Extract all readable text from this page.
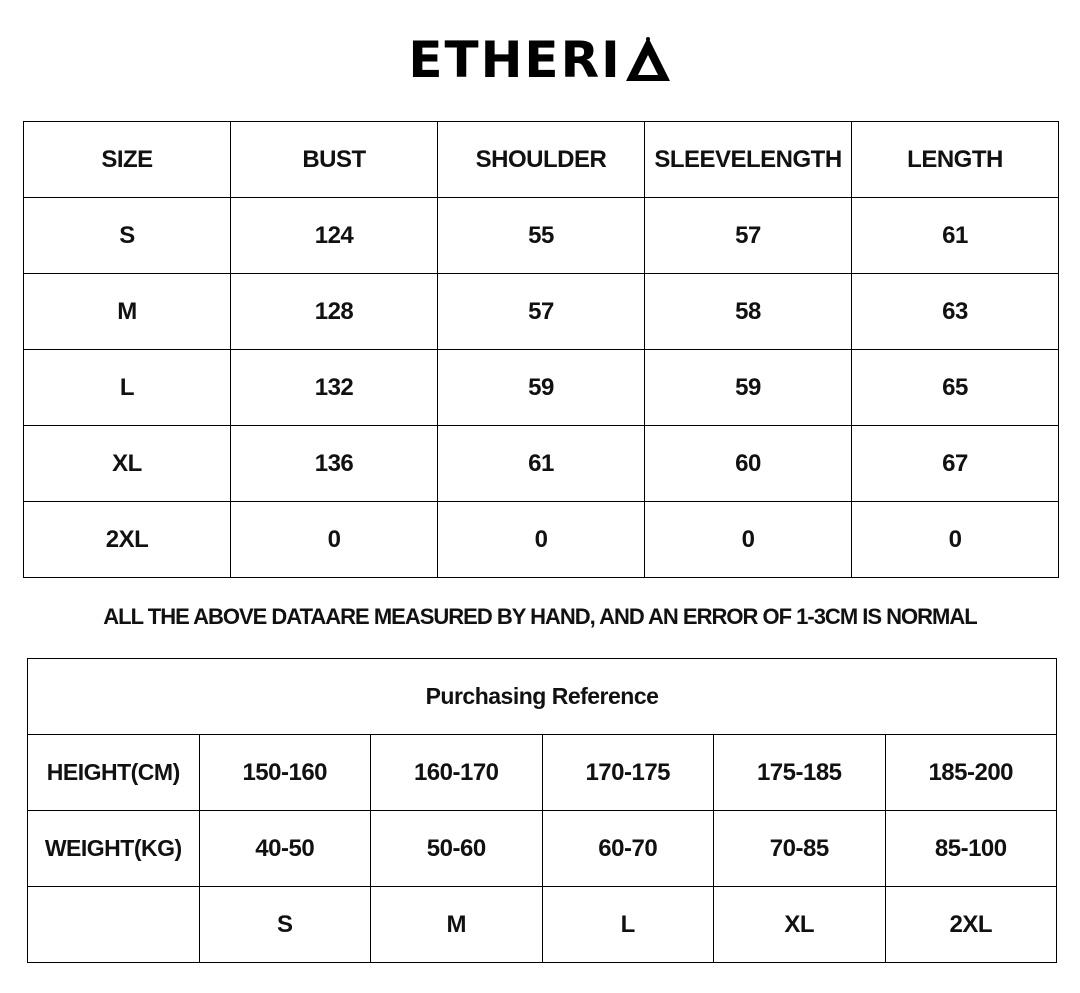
ETHERI
SIZE	BUST	SHOULDER	SLEEVELENGTH	LENGTH
S	124	55	57	61
M	128	57	58	63
L	132	59	59	65
XL	136	61	60	67
2XL	0	0	0	0
ALL THE ABOVE DATAARE MEASURED BY HAND, AND AN ERROR OF 1-3CM IS NORMAL
Purchasing Reference					
HEIGHT(CM)	150-160	160-170	170-175	175-185	185-200
WEIGHT(KG)	40-50	50-60	60-70	70-85	85-100
	S	M	L	XL	2XL
